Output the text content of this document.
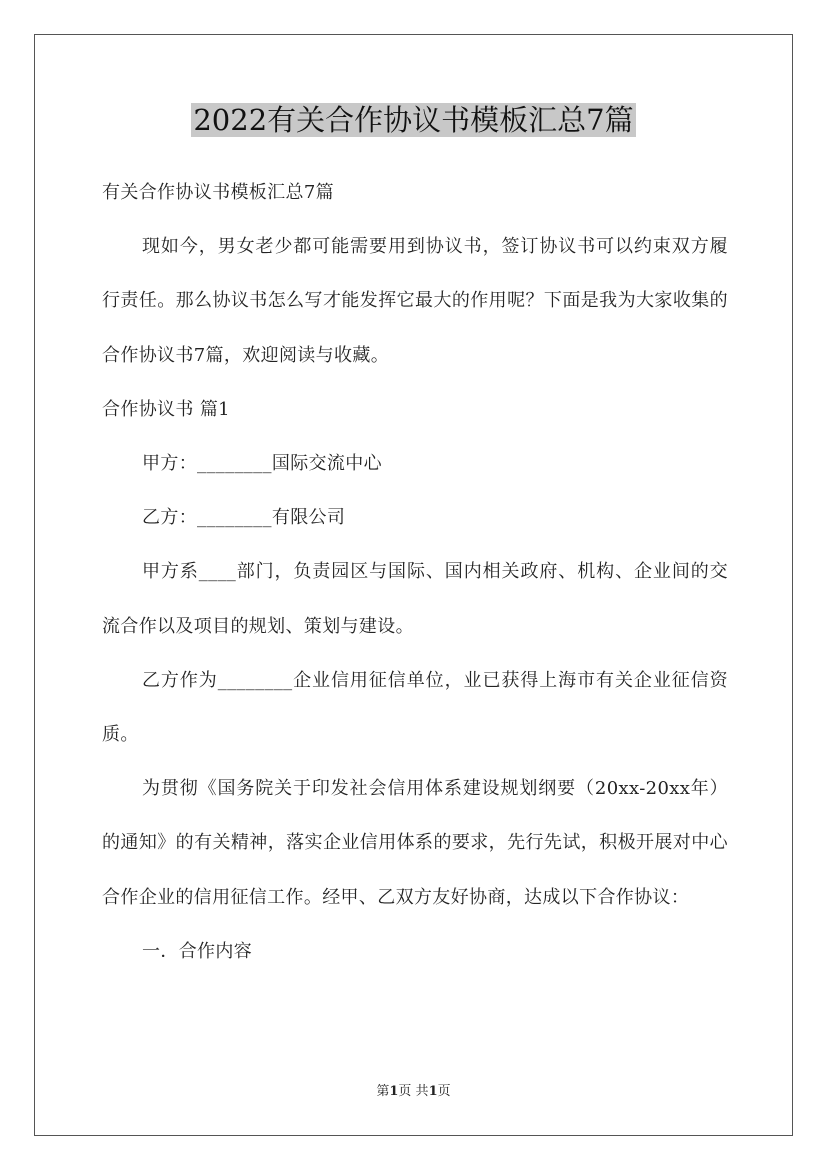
2022有关合作协议书模板汇总7篇

有关合作协议书模板汇总7篇

现如今，男女老少都可能需要用到协议书，签订协议书可以约束双方履行责任。那么协议书怎么写才能发挥它最大的作用呢？下面是我为大家收集的合作协议书7篇，欢迎阅读与收藏。

合作协议书 篇1

甲方：________国际交流中心

乙方：________有限公司

甲方系____部门，负责园区与国际、国内相关政府、机构、企业间的交流合作以及项目的规划、策划与建设。

乙方作为________企业信用征信单位，业已获得上海市有关企业征信资质。

为贯彻《国务院关于印发社会信用体系建设规划纲要（20xx-20xx年）的通知》的有关精神，落实企业信用体系的要求，先行先试，积极开展对中心合作企业的信用征信工作。经甲、乙双方友好协商，达成以下合作协议：

一．合作内容

第1页 共1页
